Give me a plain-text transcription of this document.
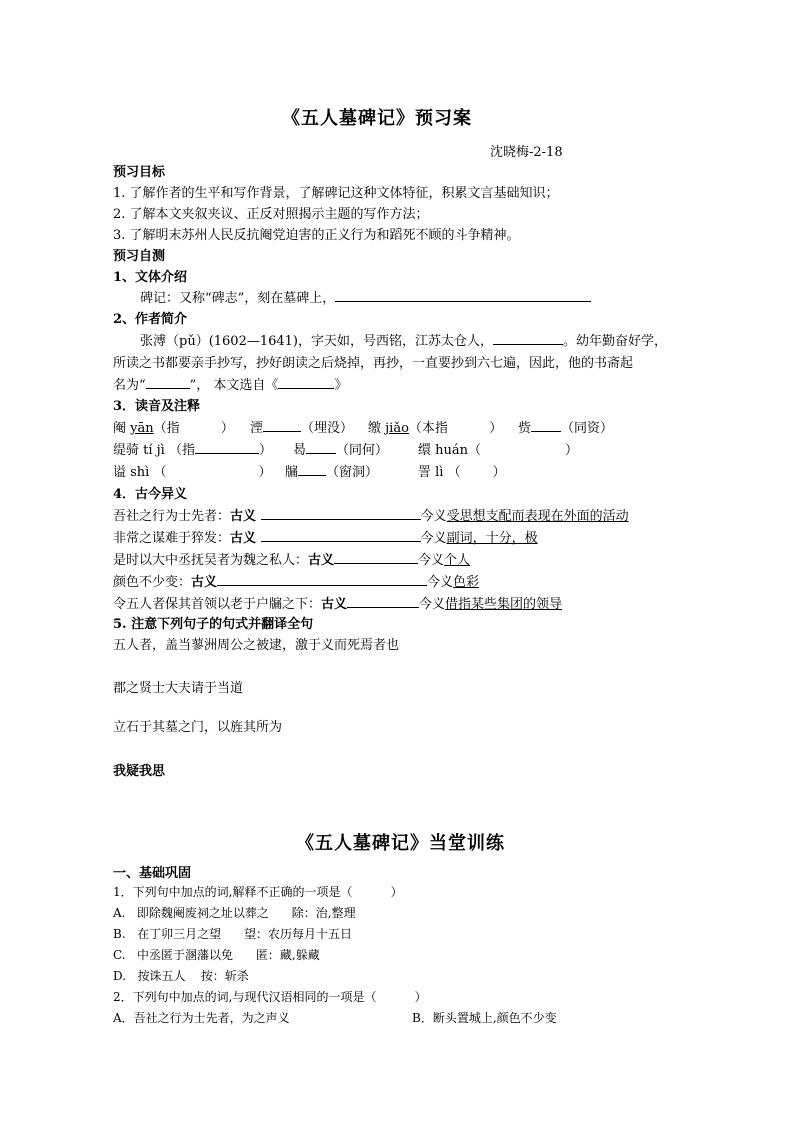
《五人墓碑记》预习案
沈晓梅-2-18
预习目标
1. 了解作者的生平和写作背景，了解碑记这种文体特征，积累文言基础知识；
2. 了解本文夹叙夹议、正反对照揭示主题的写作方法；
3. 了解明末苏州人民反抗阉党迫害的正义行为和蹈死不顾的斗争精神。
预习自测
1、文体介绍
碑记：又称“碑志”，刻在墓碑上，
2、作者简介
张溥（pǔ）(1602—1641)，字天如，号西铭，江苏太仓人，	。幼年勤奋好学，
所读之书都要亲手抄写，抄好朗读之后烧掉，再抄，一直要抄到六七遍，因此，他的书斋起
名为“	”， 本文选自《	》
3．读音及注释
阉 yān（指          ） 湮	（埋没） 缴 jiǎo（本指          ） 赀 （同资）
缇骑 tí jì （指	） 曷 （同何） 缳 huán（	）
谥 shì （	） 牖 （窗洞）	詈 lì （ ）
4．古今异义
吾社之行为士先者：古义	今义受思想支配而表现在外面的活动
非常之谋难于猝发：古义	今义副词，十分，极
是时以大中丞抚吴者为魏之私人：古义	今义个人
颜色不少变：古义	今义色彩
令五人者保其首领以老于户牖之下：古义	今义借指某些集团的领导
5. 注意下列句子的句式并翻译全句
五人者，盖当蓼洲周公之被逮，激于义而死焉者也
郡之贤士大夫请于当道
立石于其墓之门，以旌其所为
我疑我思
《五人墓碑记》当堂训练
一、基础巩固
1．下列句中加点的词,解释不正确的一项是（          ）
A.   即除魏阉废祠之址以葬之      除：治,整理
B.   在丁卯三月之望      望：农历每月十五日
C.   中丞匿于溷藩以免      匿：藏,躲藏
D.   按诛五人    按：斩杀
2．下列句中加点的词,与现代汉语相同的一项是（          ）
A．吾社之行为士先者，为之声义	B．断头置城上,颜色不少变
